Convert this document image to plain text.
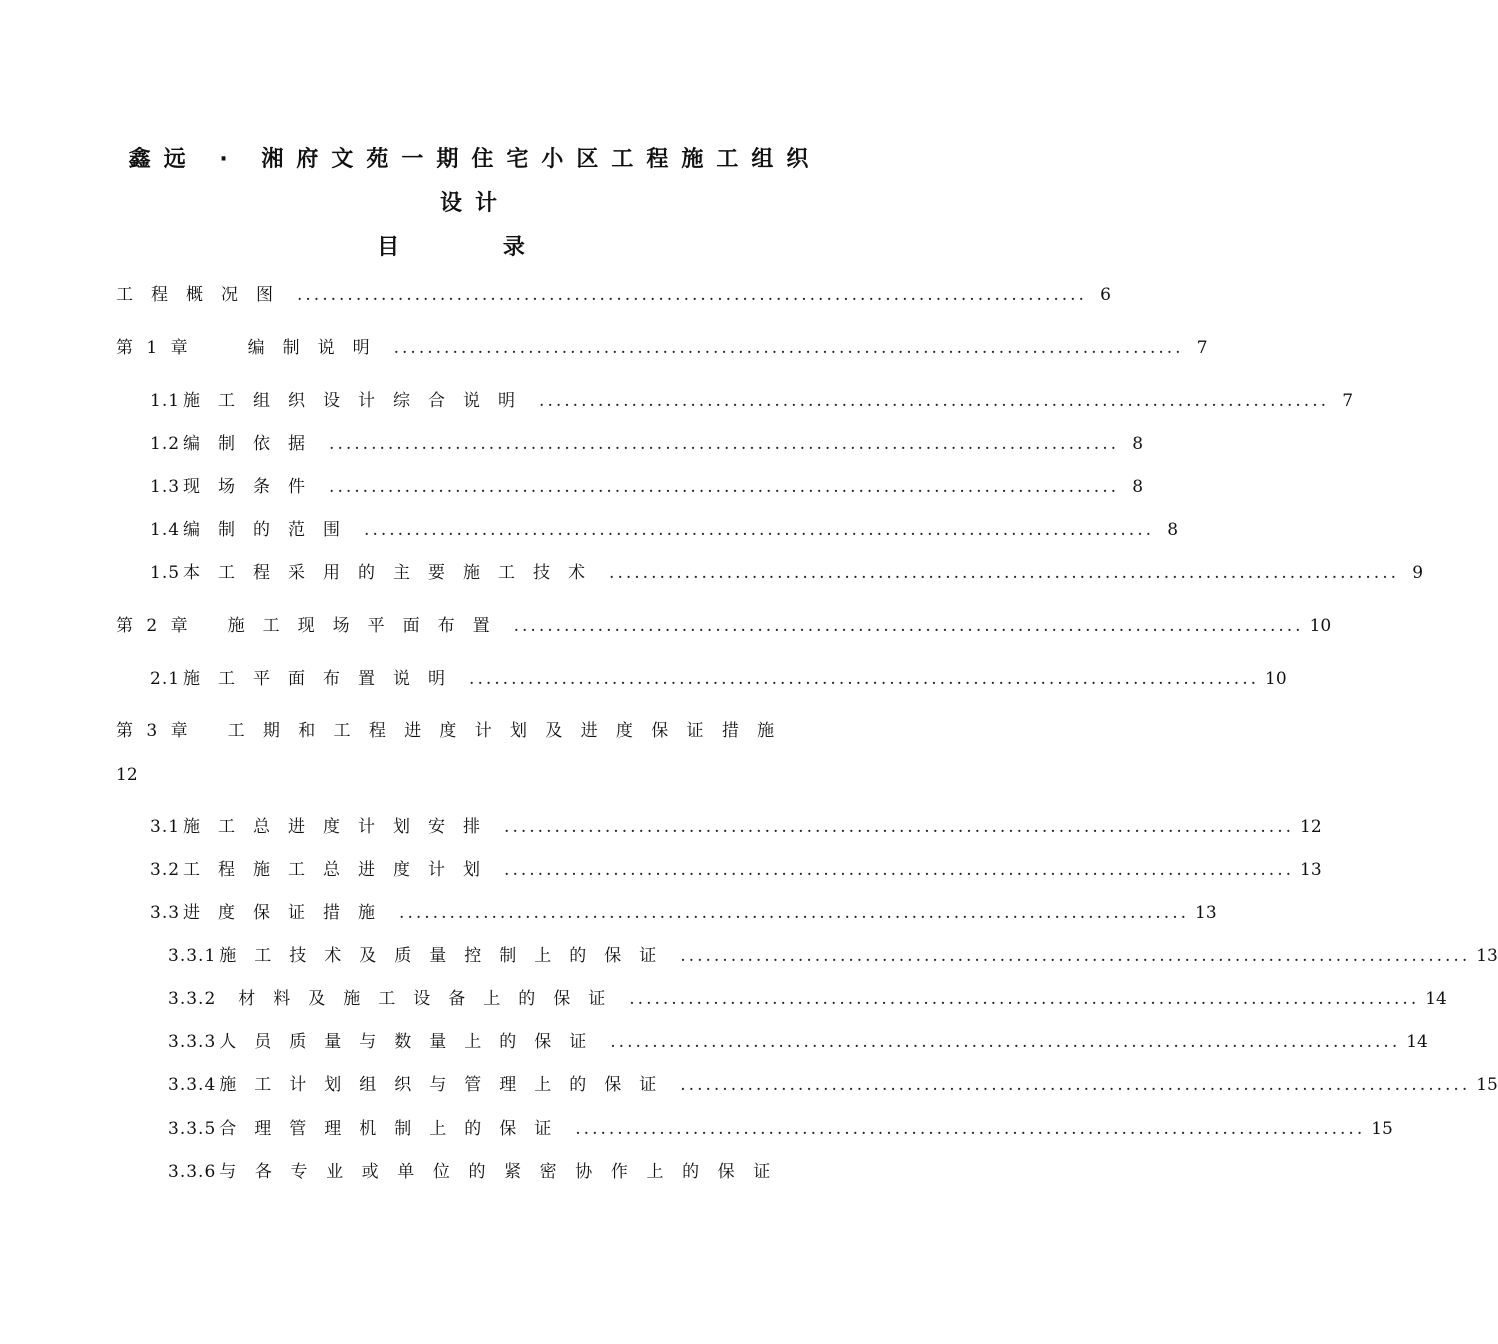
鑫远 · 湘府文苑一期住宅小区工程施工组织
设计
目 录
工程概况图 .............................................................................................. 6
第 1 章	编制说明 .............................................................................................. 7
1.1 施工组织设计综合说明 .............................................................................................. 7
1.2 编制依据 .............................................................................................. 8
1.3 现场条件 .............................................................................................. 8
1.4 编制的范围 .............................................................................................. 8
1.5 本工程采用的主要施工技术 .............................................................................................. 9
第 2 章 施工现场平面布置 .............................................................................................. 10
2.1 施工平面布置说明 .............................................................................................. 10
第 3 章 工期和工程进度计划及进度保证措施
12
3.1 施工总进度计划安排 .............................................................................................. 12
3.2 工程施工总进度计划 .............................................................................................. 13
3.3 进度保证措施 .............................................................................................. 13
3.3.1 施工技术及质量控制上的保证 .............................................................................................. 13
3.3.2 材料及施工设备上的保证 .............................................................................................. 14
3.3.3 人员质量与数量上的保证 .............................................................................................. 14
3.3.4 施工计划组织与管理上的保证 .............................................................................................. 15
3.3.5 合理管理机制上的保证 .............................................................................................. 15
3.3.6 与各专业或单位的紧密协作上的保证
